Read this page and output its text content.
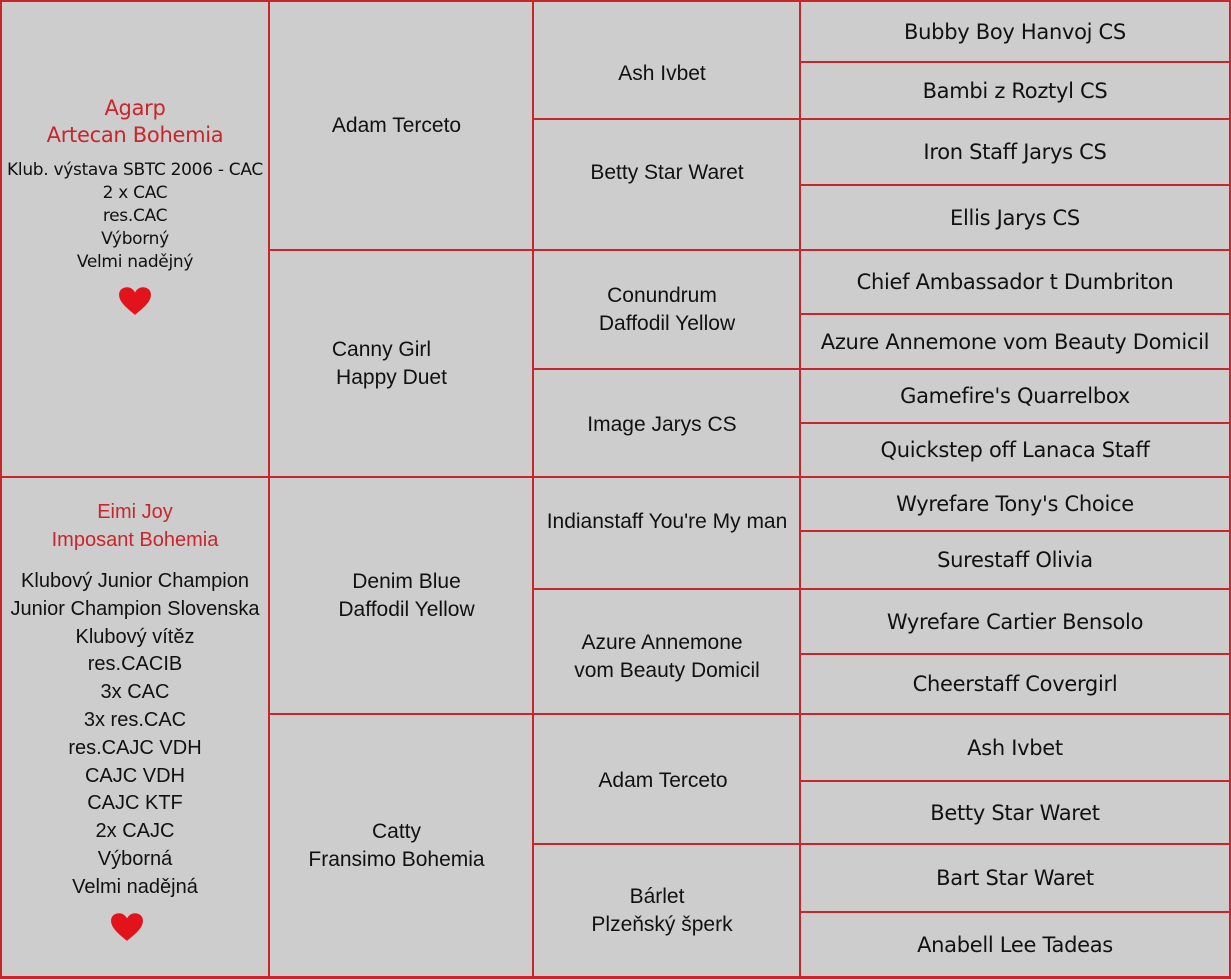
Agarp
Artecan Bohemia
Klub. výstava SBTC 2006 - CAC
2 x CAC
res.CAC
Výborný
Velmi nadějný
Eimi Joy
Imposant Bohemia
Klubový Junior Champion
Junior Champion Slovenska
Klubový vítěz
res.CACIB
3x CAC
3x res.CAC
res.CAJC VDH
CAJC VDH
CAJC KTF
2x CAJC
Výborná
Velmi nadějná
Adam Terceto
Canny Girl
Happy Duet
Denim Blue
Daffodil Yellow
Catty
Fransimo Bohemia
Ash Ivbet
Betty Star Waret
Conundrum
Daffodil Yellow
Image Jarys CS
Indianstaff You're My man
Azure Annemone
vom Beauty Domicil
Adam Terceto
Bárlet
Plzeňský šperk
Bubby Boy Hanvoj CS
Bambi z Roztyl CS
Iron Staff Jarys CS
Ellis Jarys CS
Chief Ambassador t Dumbriton
Azure Annemone vom Beauty Domicil
Gamefire's Quarrelbox
Quickstep off Lanaca Staff
Wyrefare Tony's Choice
Surestaff Olivia
Wyrefare Cartier Bensolo
Cheerstaff Covergirl
Ash Ivbet
Betty Star Waret
Bart Star Waret
Anabell Lee Tadeas
